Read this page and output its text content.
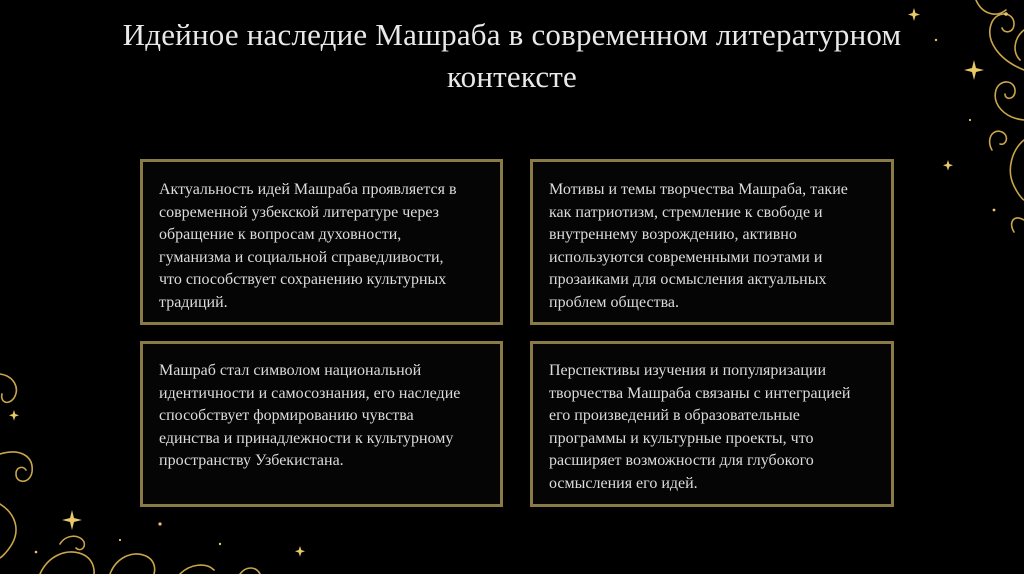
Идейное наследие Машраба в современном литературном
контексте

Актуальность идей Машраба проявляется в
современной узбекской литературе через
обращение к вопросам духовности,
гуманизма и социальной справедливости,
что способствует сохранению культурных
традиций.

Мотивы и темы творчества Машраба, такие
как патриотизм, стремление к свободе и
внутреннему возрождению, активно
используются современными поэтами и
прозаиками для осмысления актуальных
проблем общества.

Машраб стал символом национальной
идентичности и самосознания, его наследие
способствует формированию чувства
единства и принадлежности к культурному
пространству Узбекистана.

Перспективы изучения и популяризации
творчества Машраба связаны с интеграцией
его произведений в образовательные
программы и культурные проекты, что
расширяет возможности для глубокого
осмысления его идей.
